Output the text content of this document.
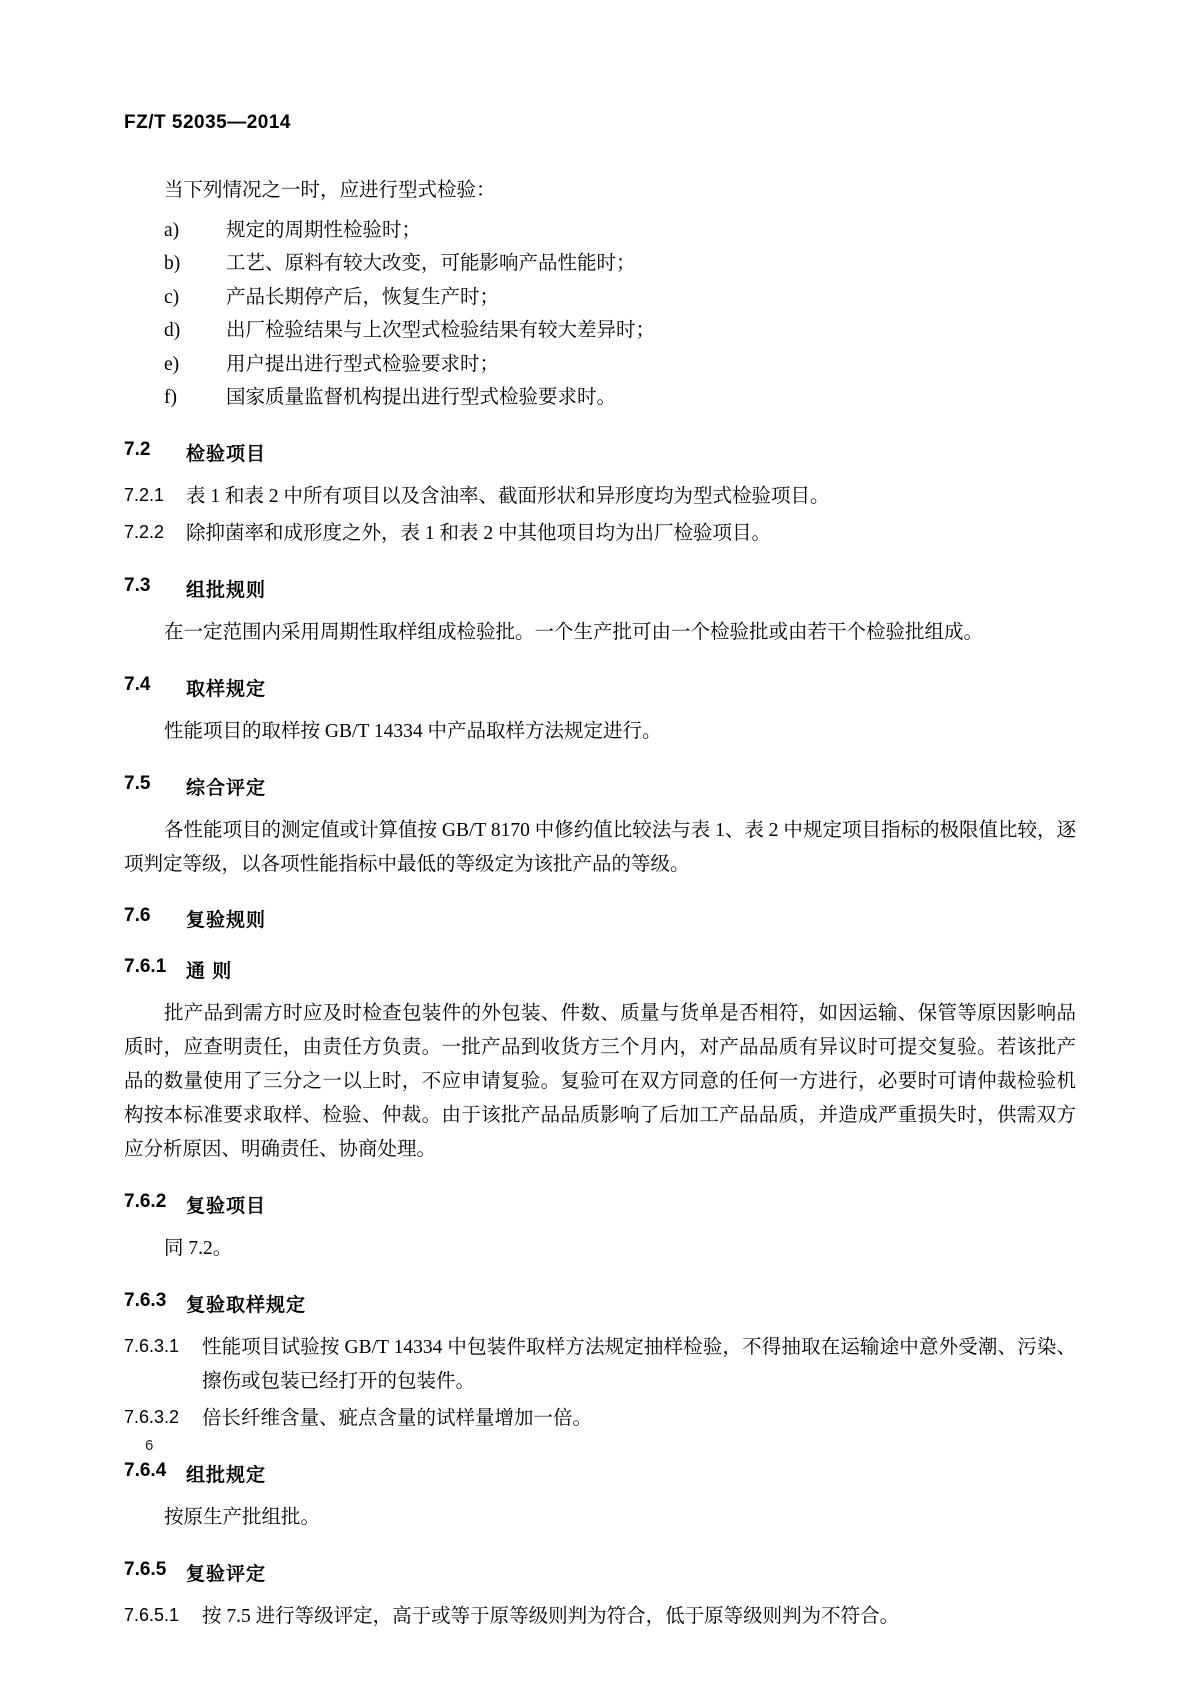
FZ/T 52035—2014
当下列情况之一时，应进行型式检验：
a)	规定的周期性检验时；
b)	工艺、原料有较大改变，可能影响产品性能时；
c)	产品长期停产后，恢复生产时；
d)	出厂检验结果与上次型式检验结果有较大差异时；
e)	用户提出进行型式检验要求时；
f)	国家质量监督机构提出进行型式检验要求时。
7.2	检验项目
7.2.1	表 1 和表 2 中所有项目以及含油率、截面形状和异形度均为型式检验项目。
7.2.2	除抑菌率和成形度之外，表 1 和表 2 中其他项目均为出厂检验项目。
7.3	组批规则
在一定范围内采用周期性取样组成检验批。一个生产批可由一个检验批或由若干个检验批组成。
7.4	取样规定
性能项目的取样按 GB/T 14334 中产品取样方法规定进行。
7.5	综合评定
各性能项目的测定值或计算值按 GB/T 8170 中修约值比较法与表 1、表 2 中规定项目指标的极限值比较，逐项判定等级，以各项性能指标中最低的等级定为该批产品的等级。
7.6	复验规则
7.6.1	通 则
批产品到需方时应及时检查包装件的外包装、件数、质量与货单是否相符，如因运输、保管等原因影响品质时，应查明责任，由责任方负责。一批产品到收货方三个月内，对产品品质有异议时可提交复验。若该批产品的数量使用了三分之一以上时，不应申请复验。复验可在双方同意的任何一方进行，必要时可请仲裁检验机构按本标准要求取样、检验、仲裁。由于该批产品品质影响了后加工产品品质，并造成严重损失时，供需双方应分析原因、明确责任、协商处理。
7.6.2	复验项目
同 7.2。
7.6.3	复验取样规定
7.6.3.1	性能项目试验按 GB/T 14334 中包装件取样方法规定抽样检验，不得抽取在运输途中意外受潮、污染、擦伤或包装已经打开的包装件。
7.6.3.2	倍长纤维含量、疵点含量的试样量增加一倍。
7.6.4	组批规定
按原生产批组批。
7.6.5	复验评定
7.6.5.1	按 7.5 进行等级评定，高于或等于原等级则判为符合，低于原等级则判为不符合。
6
